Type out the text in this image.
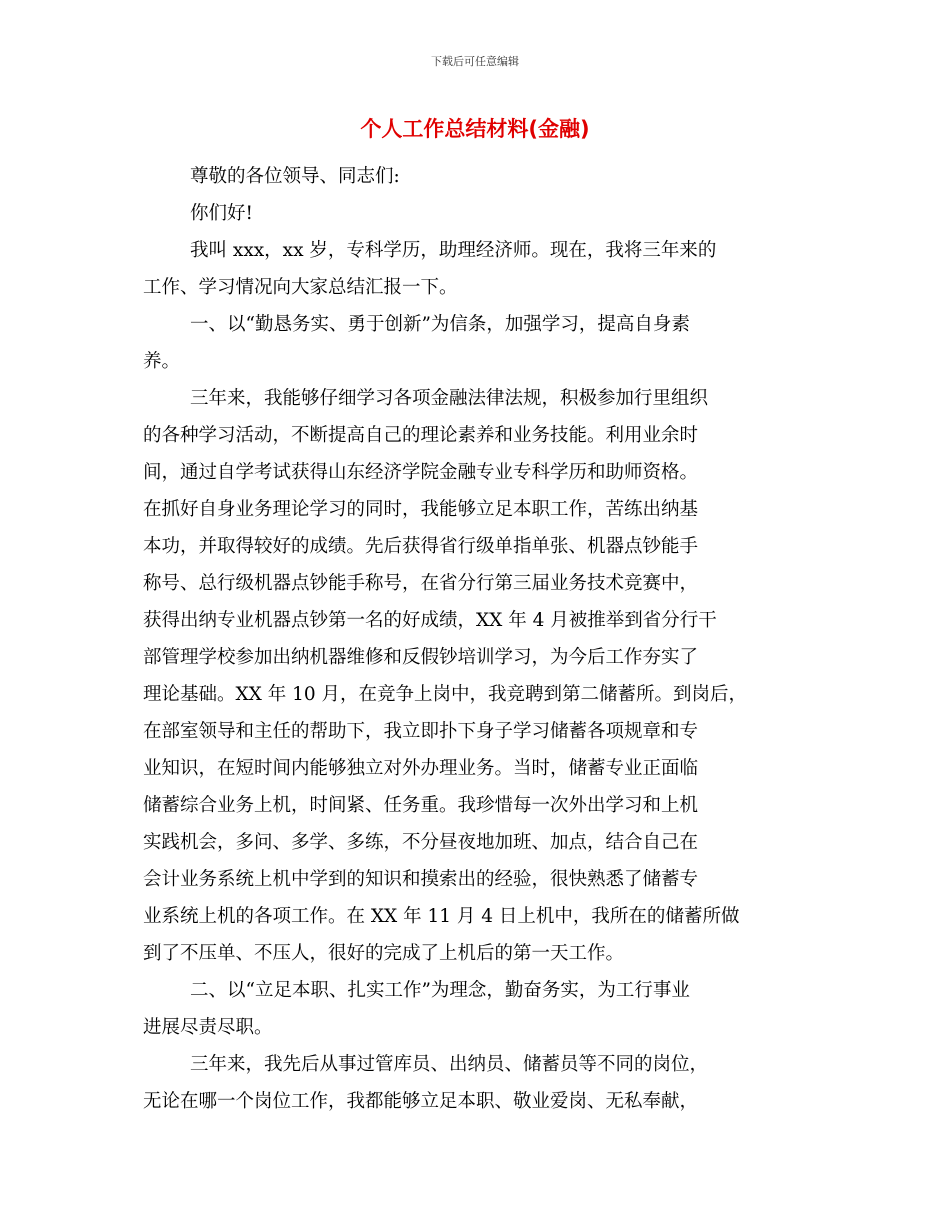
下载后可任意编辑
个人工作总结材料(金融)
尊敬的各位领导、同志们:
你们好!
我叫 xxx，xx 岁，专科学历，助理经济师。现在，我将三年来的
工作、学习情况向大家总结汇报一下。
一、以“勤恳务实、勇于创新”为信条，加强学习，提高自身素
养。
三年来，我能够仔细学习各项金融法律法规，积极参加行里组织
的各种学习活动，不断提高自己的理论素养和业务技能。利用业余时
间，通过自学考试获得山东经济学院金融专业专科学历和助师资格。
在抓好自身业务理论学习的同时，我能够立足本职工作，苦练出纳基
本功，并取得较好的成绩。先后获得省行级单指单张、机器点钞能手
称号、总行级机器点钞能手称号，在省分行第三届业务技术竞赛中，
获得出纳专业机器点钞第一名的好成绩，XX 年 4 月被推举到省分行干
部管理学校参加出纳机器维修和反假钞培训学习，为今后工作夯实了
理论基础。XX 年 10 月，在竞争上岗中，我竞聘到第二储蓄所。到岗后，
在部室领导和主任的帮助下，我立即扑下身子学习储蓄各项规章和专
业知识，在短时间内能够独立对外办理业务。当时，储蓄专业正面临
储蓄综合业务上机，时间紧、任务重。我珍惜每一次外出学习和上机
实践机会，多问、多学、多练，不分昼夜地加班、加点，结合自己在
会计业务系统上机中学到的知识和摸索出的经验，很快熟悉了储蓄专
业系统上机的各项工作。在 XX 年 11 月 4 日上机中，我所在的储蓄所做
到了不压单、不压人，很好的完成了上机后的第一天工作。
二、以“立足本职、扎实工作”为理念，勤奋务实，为工行事业
进展尽责尽职。
三年来，我先后从事过管库员、出纳员、储蓄员等不同的岗位，
无论在哪一个岗位工作，我都能够立足本职、敬业爱岗、无私奉献，
